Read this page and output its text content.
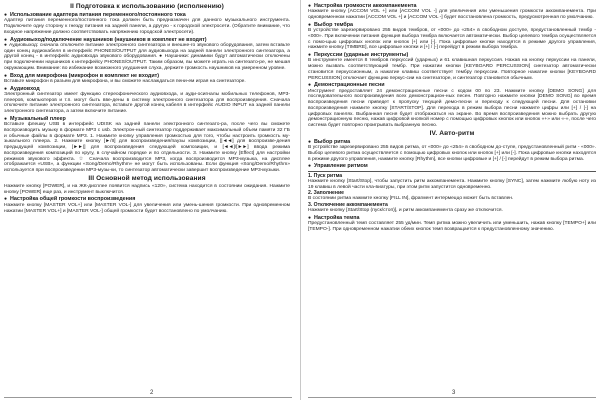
II Подготовка к использованию (исполнению)
● Использование адаптера питания переменного/постоянного тока

Адаптер питания переменного/постоянного тока должен быть предназначен для данного музыкального инструмента. Подключите одну сторону к гнезду питания на задней панели, а другую - к городской электросети. (Обратите внимание, что входное напряжение должно соответствовать напряжению городской электросети).

● Аудиовыход/подключение наушников (наушников в комплект не входят)

● Аудиовыход: сначала отключите питание электронного синтезатора и внешне-го звукового оборудования, затем вставьте один конец аудиокабеля в интерфейс PHONES/OUTPUT для аудиовыхода на задней панели электронного синтезатора, а другой конец - в интерфейс аудиовхода звукового оборудования. ● Наушники: динамики будут автоматически отключены при подключении наушников к интерфейсу PHONES/OUTPUT. Таким образом, вы можете играть на синтезато-ре, не мешая окружающим. Внимание: во избежание возможного ухудшения слуха, держите громкость наушников на умеренном уровне.

● Вход для микрофона (микрофон в комплект не входит)

Вставьте микрофон в разъем для микрофона, и вы сможете наслаждаться пени-ем играя на синтезаторе.

● Аудиовход

Электронный синтезатор имеет функцию стереофонического аудиовхода, и ауди-осигналы мобильных телефонов, MP3-плееров, компьютеров и т.п. могут быть вве-дены в систему электронного синтезатора для воспроизведения. Сначала отключите питание электронного синтезатора, вставьте другой конец кабеля в интерфейс AUDIO INPUT на задней панели электронного синтезатора, а затем включите питание.

● Музыкальный плеер

Вставьте флешку USB в интерфейс UDISK на задней панели электронного синтезато-ра, после чего вы сможете воспроизводить музыку в формате MP3 с usb. Электрон-ный синтезатор поддерживает максимальный объем памяти 32 ГБ и обычные файлы в формате MP3. 1. Нажмите кнопку управления громкостью для того, чтобы настроить громкость му-зыкального плеера. 2. Нажмите кнопку [►/II] для воспроизведения/паузы композиции, [|◄◄] для воспроизве-дения предыдущей композиции, [►►|] для воспроизведения следующей композиции, и [◄◄]/[►►] ввода режима воспроизведения композиций по кругу, в случайном порядке и по отдельности. 3. Нажмите кнопку [Effect] для настройки режимов звукового эффекта. ☆ Сначала воспроизводится MP3, когда воспроизводится MP3-музыка, на дисплее отображается «USB», а функции «Song/Demo/Rhythm» не могут быть использованы. Если функция «Song/Demo/Rhythm» используется при воспроизведении MP3-музы-ки, то синтезатор автоматически завершит воспроизведение MP3-музыки.

III Основной метод использования

Нажмите кнопку [POWER], и на ЖК-дисплее появится надпись «120», система находится в состоянии ожидания. Нажмите кнопку [POWER] еще раз, и инструмент выключится.

● Настройка общей громкости воспроизведения

Нажмите кнопку [MASTER VOL+] или [MASTER VOL-] для увеличения или умень-шения громкости. При одновременном нажатии [MASTER VOL+] и [MASTER VOL-] общей громкости будет восстановлено по умолчанию.

2
● Настройка громкости аккомпанемента

Нажмите кнопку [ACCOM VOL +] или [ACCOM VOL -] для увеличения или уменьшения громкости аккомпанемента. При одновременном нажатии [ACCOM VOL +] и [ACCOM VOL -] будет восстановлена громкость, предусмотренная по умолчанию.

● Выбор тембра

В устройстве зарезервировано 255 видов тембров, от «000» до «254» в свободном доступе, предустановленный тембр - «000». При включении питания функция выбора тембра включается автоматически. Выбор целевого тембра осуществляется с помо-щью цифровых кнопок или кнопок [+] или [-]. Пока цифровые кнопки находятся в режиме другого управления, нажмите кнопку [TIMBRE], все цифровые кнопки и [+] / [-] перейдут в режим выбора тембра.

● Перкуссии (ударные инструменты)

В инструменте имеется 8 тембров перкуссий (ударных) и 61 клавишная перкуссия. Нажав на кнопку перкуссии на панели, можно вызвать соответствующий тембр. При нажатии кнопки [KEYBOARD PERCUSSION] синтезатор автоматически становится перкуссионным, а нажатие клавиш соответствует тембру перкуссии. Повторное нажатие кнопки [KEYBOARD PERCUSSION] отключает функцию перкус-сии на синтезаторе, и синтезатор становится обычным.

● Демонстрационные песни

Инструмент предоставляет 24 демонстрационные песни с кодом 00 по 23. Нажмите кнопку [DEMO SONG] для последовательного воспроизведения всех демонстрацион-ных песен. Повторно нажмите кнопки [DEMO SONG] во время воспроизведения песни приведет к пропуску текущей демо-песни и переходу к следующей песни. Для остановки воспроизведения нажмите кнопку [START/STOP]. Для перехода в режим выбора песни нажмите цифры или [+] / [-] на цифровых панелях. Выбранная песня будет отображаться на экране. Во время воспроизведения можно выбрать другую демонстрационную песню, нажав цифровой кнопкой номер с помощью цифровых кнопок или кнопок «+» или «-», после чего система будет повторно проигрывать выбранную песню.

IV. Авто-ритм
● Выбор ритма

В устройстве зарезервировано 255 видов ритма, от «000» до «254» в свободном до-ступе, предустановленный ритм - «000». Выбор целевого ритма осуществляется с помощью цифровых кнопок или кнопок [+] или [-]. Пока цифровые кнопки находятся в режиме другого управления, нажмите кнопку [Rhythm], все кнопки цифровые и [+] / [-] перейдут в режим выбора ритма.

● Управление ритмом
1. Пуск ритма

Нажмите кнопку [Start/Stop], чтобы запустить ритм аккомпанемента. Нажмите кнопку [SYNC], затем нажмите любую ноту из 19 клавиш в левой части кла-виатуры, при этом ритм запустится одновременно.

2. Заполнение

В состоянии ритма нажмите кнопку [FILL IN], фрагмент интермеццо может быть вставлен.

3. Отключение аккомпанемента

Нажмите кнопку [Start/Stop (пуск/стоп)], и ритм аккомпанемента сразу же отключится.

● Настройка темпа

Предустановленный темп составляет 255 уд/мин. Темп ритма можно увеличить или уменьшить, нажав кнопку [TEMPO+] или [TEMPO-]. При одновременном нажатии обеих кнопок темп возвращается к предустановленному значению.

3
